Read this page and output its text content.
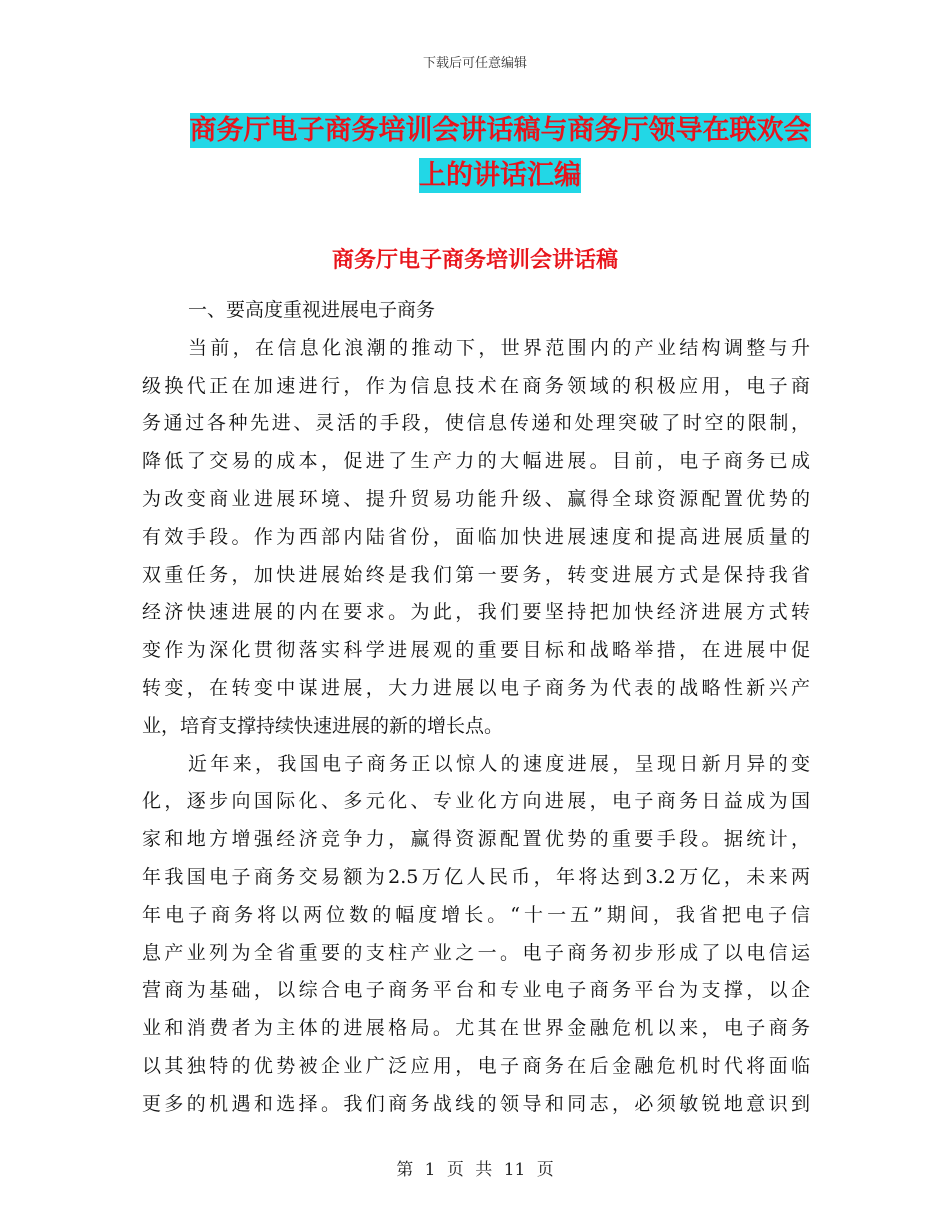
下载后可任意编辑
商务厅电子商务培训会讲话稿与商务厅领导在联欢会
上的讲话汇编
商务厅电子商务培训会讲话稿
一、要高度重视进展电子商务
当前，在信息化浪潮的推动下，世界范围内的产业结构调整与升
级换代正在加速进行，作为信息技术在商务领域的积极应用，电子商
务通过各种先进、灵活的手段，使信息传递和处理突破了时空的限制，
降低了交易的成本，促进了生产力的大幅进展。目前，电子商务已成
为改变商业进展环境、提升贸易功能升级、赢得全球资源配置优势的
有效手段。作为西部内陆省份，面临加快进展速度和提高进展质量的
双重任务，加快进展始终是我们第一要务，转变进展方式是保持我省
经济快速进展的内在要求。为此，我们要坚持把加快经济进展方式转
变作为深化贯彻落实科学进展观的重要目标和战略举措，在进展中促
转变，在转变中谋进展，大力进展以电子商务为代表的战略性新兴产
业，培育支撑持续快速进展的新的增长点。
近年来，我国电子商务正以惊人的速度进展，呈现日新月异的变
化，逐步向国际化、多元化、专业化方向进展，电子商务日益成为国
家和地方增强经济竞争力，赢得资源配置优势的重要手段。据统计，
年我国电子商务交易额为2.5万亿人民币，年将达到3.2万亿，未来两
年电子商务将以两位数的幅度增长。“十一五”期间，我省把电子信
息产业列为全省重要的支柱产业之一。电子商务初步形成了以电信运
营商为基础，以综合电子商务平台和专业电子商务平台为支撑，以企
业和消费者为主体的进展格局。尤其在世界金融危机以来，电子商务
以其独特的优势被企业广泛应用，电子商务在后金融危机时代将面临
更多的机遇和选择。我们商务战线的领导和同志，必须敏锐地意识到
第 1 页 共 11 页
